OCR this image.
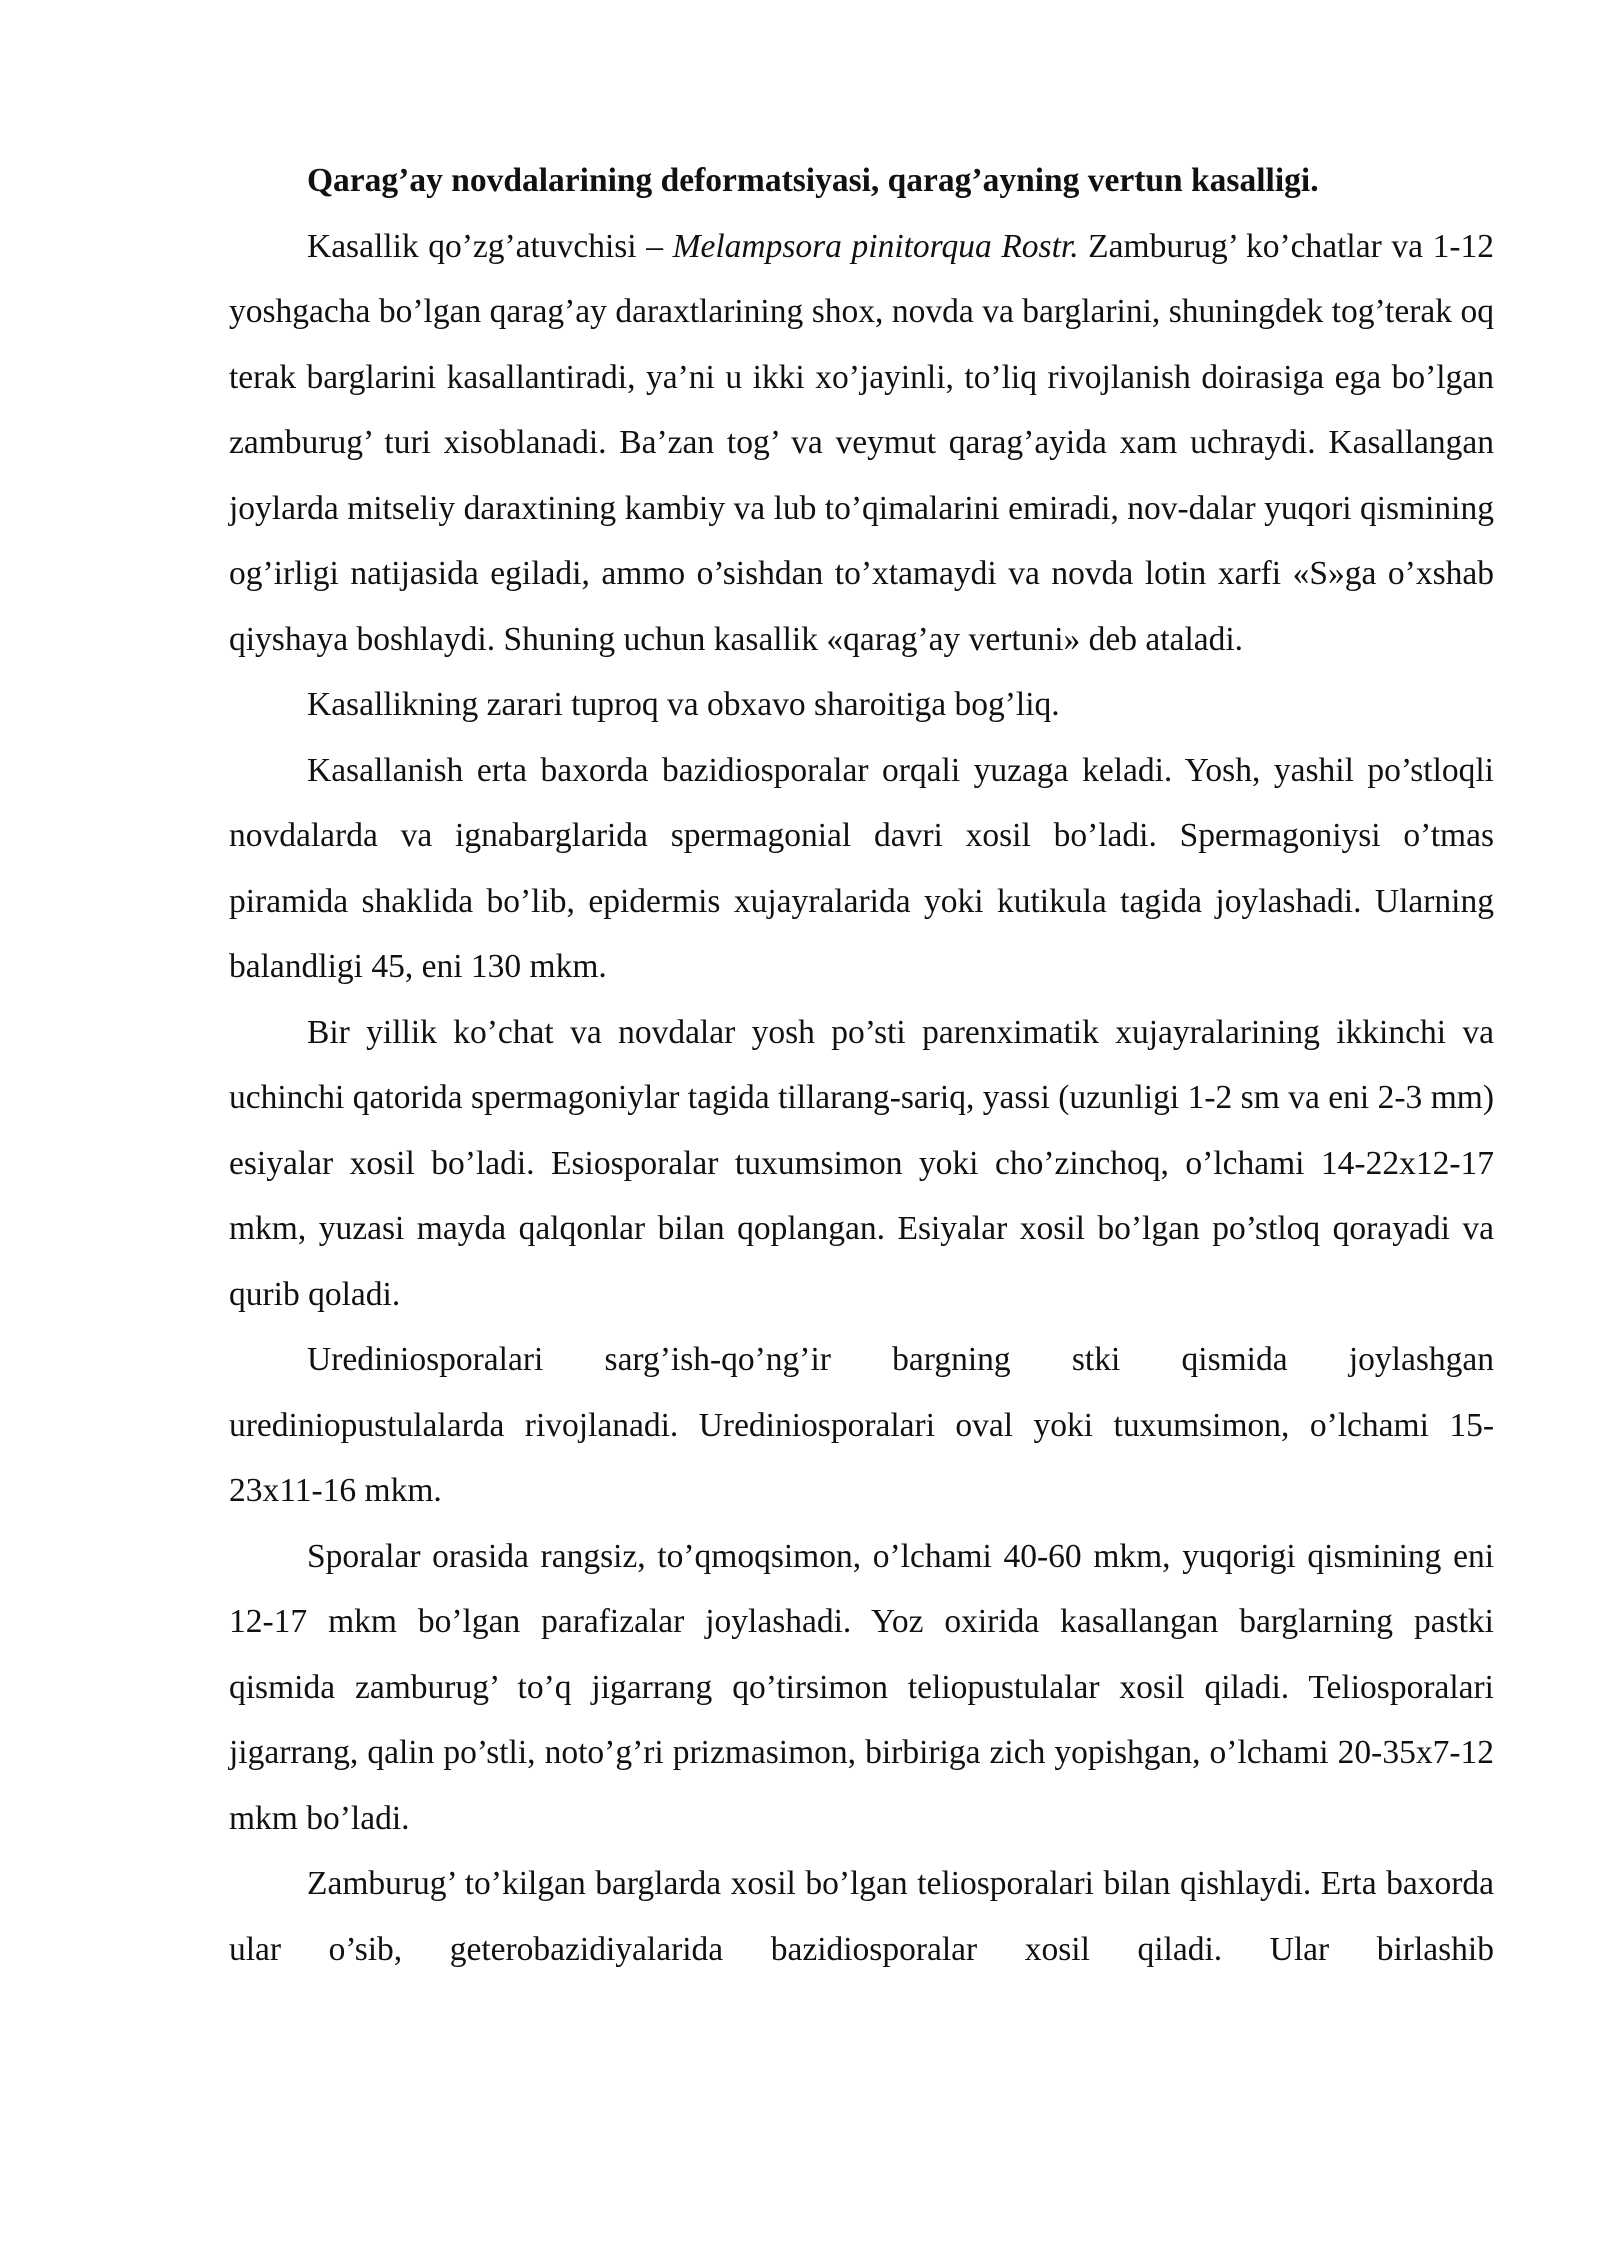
Qarag’ay novdalarining deformatsiyasi, qarag’ayning vertun kasalligi.

Kasallik qo’zg’atuvchisi – Melampsora pinitorqua Rostr. Zamburug’ ko’chatlar va 1-12 yoshgacha bo’lgan qarag’ay daraxtlarining shox, novda va barglarini, shuningdek tog’terak oq terak barglarini kasallantiradi, ya’ni u ikki xo’jayinli, to’liq rivojlanish doirasiga ega bo’lgan zamburug’ turi xisoblanadi. Ba’zan tog’ va veymut qarag’ayida xam uchraydi. Kasallangan joylarda mitseliy daraxtining kambiy va lub to’qimalarini emiradi, nov-dalar yuqori qismining og’irligi natijasida egiladi, ammo o’sishdan to’xtamaydi va novda lotin xarfi «S»ga o’xshab qiyshaya boshlaydi. Shuning uchun kasallik «qarag’ay vertuni» deb ataladi.

Kasallikning zarari tuproq va obxavo sharoitiga bog’liq.

Kasallanish erta baxorda bazidiosporalar orqali yuzaga keladi. Yosh, yashil po’stloqli novdalarda va ignabarglarida spermagonial davri xosil bo’ladi. Spermagoniysi o’tmas piramida shaklida bo’lib, epidermis xujayralarida yoki kutikula tagida joylashadi. Ularning balandligi 45, eni 130 mkm.

Bir yillik ko’chat va novdalar yosh po’sti parenximatik xujayralarining ikkinchi va uchinchi qatorida spermagoniylar tagida tillarang-sariq, yassi (uzunligi 1-2 sm va eni 2-3 mm) esiyalar xosil bo’ladi. Esiosporalar tuxumsimon yoki cho’zinchoq, o’lchami 14-22x12-17 mkm, yuzasi mayda qalqonlar bilan qoplangan. Esiyalar xosil bo’lgan po’stloq qorayadi va qurib qoladi.

Urediniosporalari sarg’ish-qo’ng’ir bargning stki qismida joylashgan urediniopustulalarda rivojlanadi. Urediniosporalari oval yoki tuxumsimon, o’lchami 15-23x11-16 mkm.

Sporalar orasida rangsiz, to’qmoqsimon, o’lchami 40-60 mkm, yuqorigi qismining eni 12-17 mkm bo’lgan parafizalar joylashadi. Yoz oxirida kasallangan barglarning pastki qismida zamburug’ to’q jigarrang qo’tirsimon teliopustulalar xosil qiladi. Teliosporalari jigarrang, qalin po’stli, noto’g’ri prizmasimon, birbiriga zich yopishgan, o’lchami 20-35x7-12 mkm bo’ladi.

Zamburug’ to’kilgan barglarda xosil bo’lgan teliosporalari bilan qishlaydi. Erta baxorda ular o’sib, geterobazidiyalarida bazidiosporalar xosil qiladi. Ular birlashib
